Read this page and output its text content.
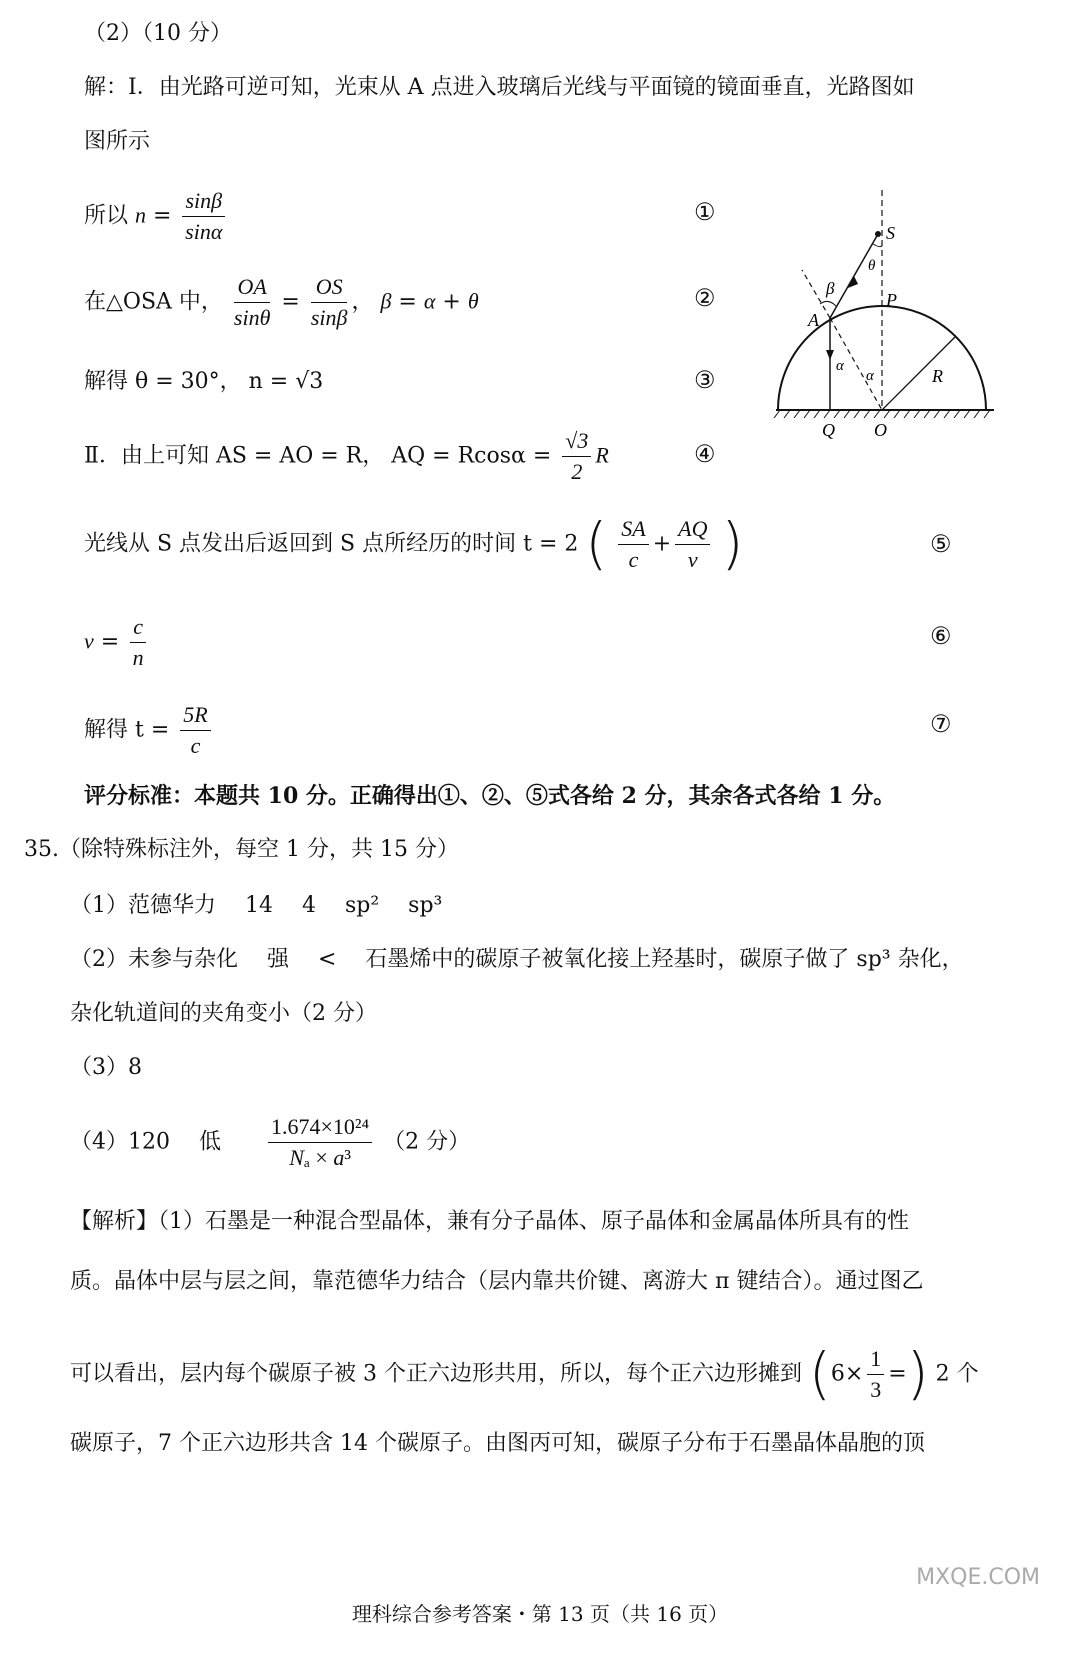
（2）（10 分）
解：Ⅰ．由光路可逆可知，光束从 A 点进入玻璃后光线与平面镜的镜面垂直，光路图如
图所示
所以 $n = \frac{\sin\beta}{\sin\alpha}$
在△OSA 中， $\frac{OA}{\sin\theta} = \frac{OS}{\sin\beta}$ ， β = α + θ
解得 θ = 30°， n = √3
Ⅱ．由上可知 AS = AO = R， AQ = $Rcos\alpha = \frac{√3}{2}$ R
光线从 S 点发出后返回到 S 点所经历的时间 t = 2 ( $\frac{SA}{c} + \frac{AQ}{v}$ )
$v = \frac{c}{n}$
解得 $t = \frac{5R}{c}$
①
②
③
④
⑤
⑥
⑦
S
P
A
Q O
R
β
θ
α
α
评分标准：本题共 10 分。正确得出①、②、⑤式各给 2 分，其余各式各给 1 分。
35.（除特殊标注外，每空 1 分，共 15 分）
（1）范德华力　 14　 4　 sp²　 sp³
（2）未参与杂化　 强　 <　 石墨烯中的碳原子被氧化接上羟基时，碳原子做了 sp³ 杂化，
杂化轨道间的夹角变小（2 分）
（3）8
（4）120　 低 $\frac{\text{1.674×10²⁴}}{\text{Nₐ × a³}} (2$ 分）
【解析】（1）石墨是一种混合型晶体，兼有分子晶体、原子晶体和金属晶体所具有的性
质。晶体中层与层之间，靠范德华力结合（层内靠共价键、离游大 π 键结合）。通过图乙
可以看出，层内每个碳原子被 3 个正六边形共用，所以，每个正六边形摊到 ($6\times \frac{1}{3}$ =) 2 个
碳原子，7 个正六边形共含 14 个碳原子。由图丙可知，碳原子分布于石墨晶体晶胞的顶
理科综合参考答案・第 13 页（共 16 页）
MXQE.COM
